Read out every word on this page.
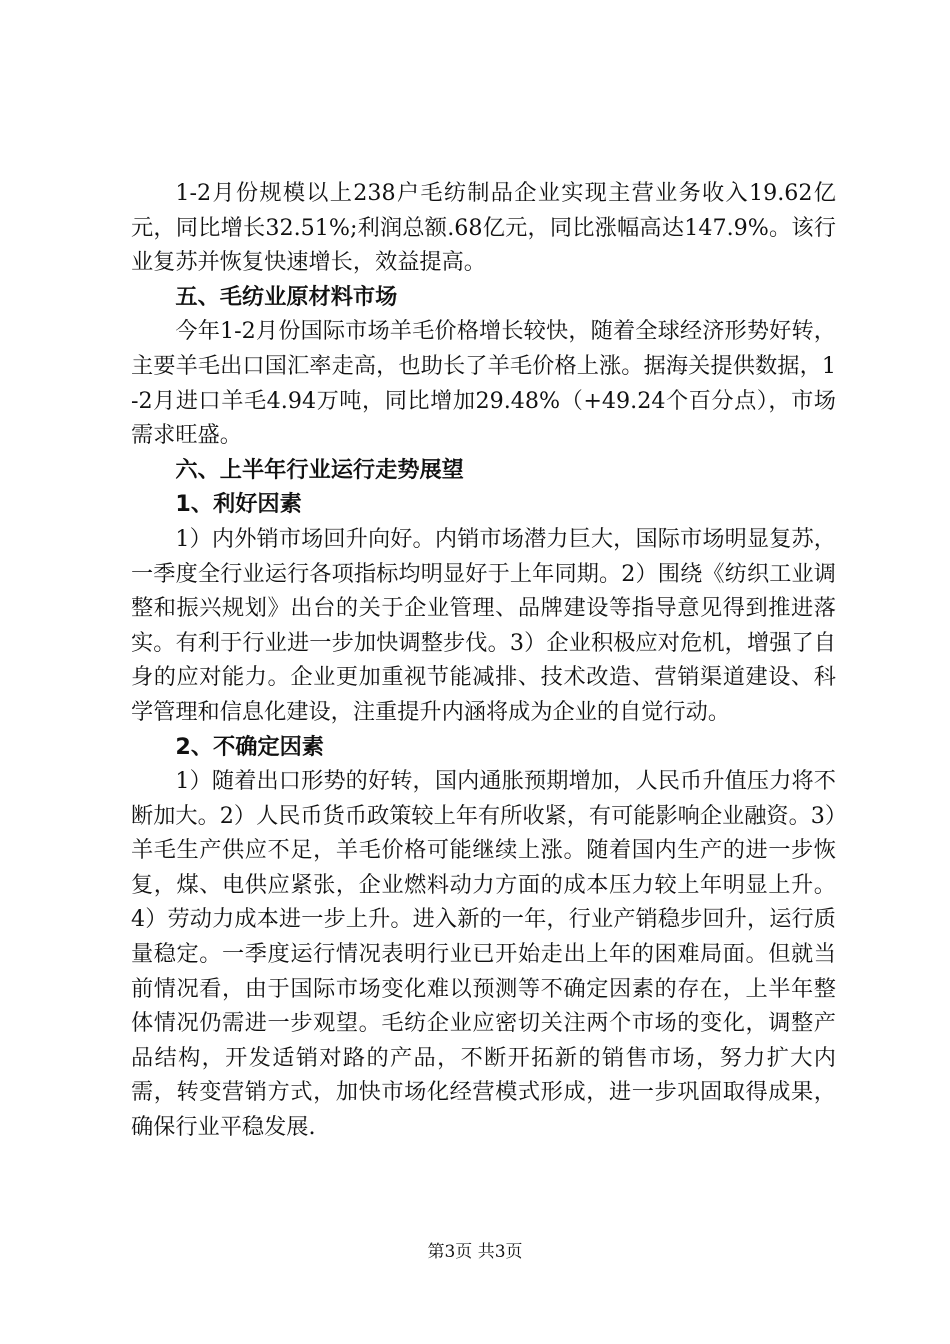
1-2月份规模以上238户毛纺制品企业实现主营业务收入19.62亿元，同比增长32.51%;利润总额.68亿元，同比涨幅高达147.9%。该行业复苏并恢复快速增长，效益提高。

五、毛纺业原材料市场

今年1-2月份国际市场羊毛价格增长较快，随着全球经济形势好转，主要羊毛出口国汇率走高，也助长了羊毛价格上涨。据海关提供数据，1-2月进口羊毛4.94万吨，同比增加29.48%（+49.24个百分点），市场需求旺盛。

六、上半年行业运行走势展望

1、利好因素

1）内外销市场回升向好。内销市场潜力巨大，国际市场明显复苏，一季度全行业运行各项指标均明显好于上年同期。2）围绕《纺织工业调整和振兴规划》出台的关于企业管理、品牌建设等指导意见得到推进落实。有利于行业进一步加快调整步伐。3）企业积极应对危机，增强了自身的应对能力。企业更加重视节能减排、技术改造、营销渠道建设、科学管理和信息化建设，注重提升内涵将成为企业的自觉行动。

2、不确定因素

1）随着出口形势的好转，国内通胀预期增加，人民币升值压力将不断加大。2）人民币货币政策较上年有所收紧，有可能影响企业融资。3）羊毛生产供应不足，羊毛价格可能继续上涨。随着国内生产的进一步恢复，煤、电供应紧张，企业燃料动力方面的成本压力较上年明显上升。4）劳动力成本进一步上升。进入新的一年，行业产销稳步回升，运行质量稳定。一季度运行情况表明行业已开始走出上年的困难局面。但就当前情况看，由于国际市场变化难以预测等不确定因素的存在，上半年整体情况仍需进一步观望。毛纺企业应密切关注两个市场的变化，调整产品结构，开发适销对路的产品，不断开拓新的销售市场，努力扩大内需，转变营销方式，加快市场化经营模式形成，进一步巩固取得成果，确保行业平稳发展.

第3页 共3页
